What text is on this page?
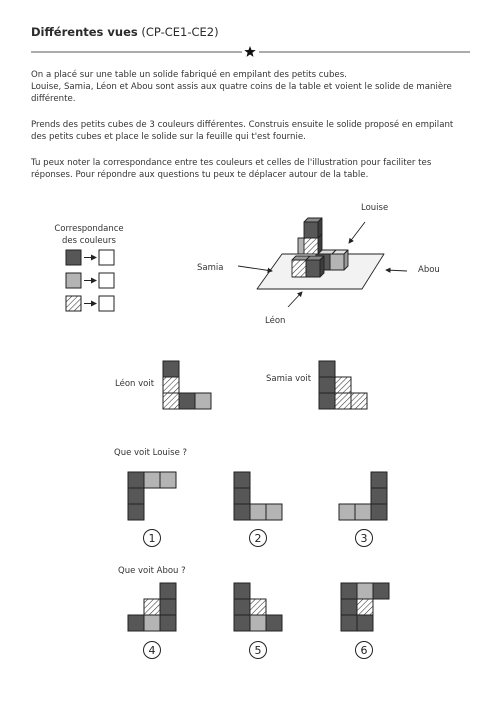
Différentes vues (CP-CE1-CE2)
On a placé sur une table un solide fabriqué en empilant des petits cubes.
Louise, Samia, Léon et Abou sont assis aux quatre coins de la table et voient le solide de manière
différente.
Prends des petits cubes de 3 couleurs différentes. Construis ensuite le solide proposé en empilant
des petits cubes et place le solide sur la feuille qui t'est fournie.
Tu peux noter la correspondance entre tes couleurs et celles de l'illustration pour faciliter tes
réponses. Pour répondre aux questions tu peux te déplacer autour de la table.
Correspondance
des couleurs
1	2	3
4	5	6
Louise
Samia	Abou
Léon
Léon voit	Samia voit
Que voit Louise ?
Que voit Abou ?
